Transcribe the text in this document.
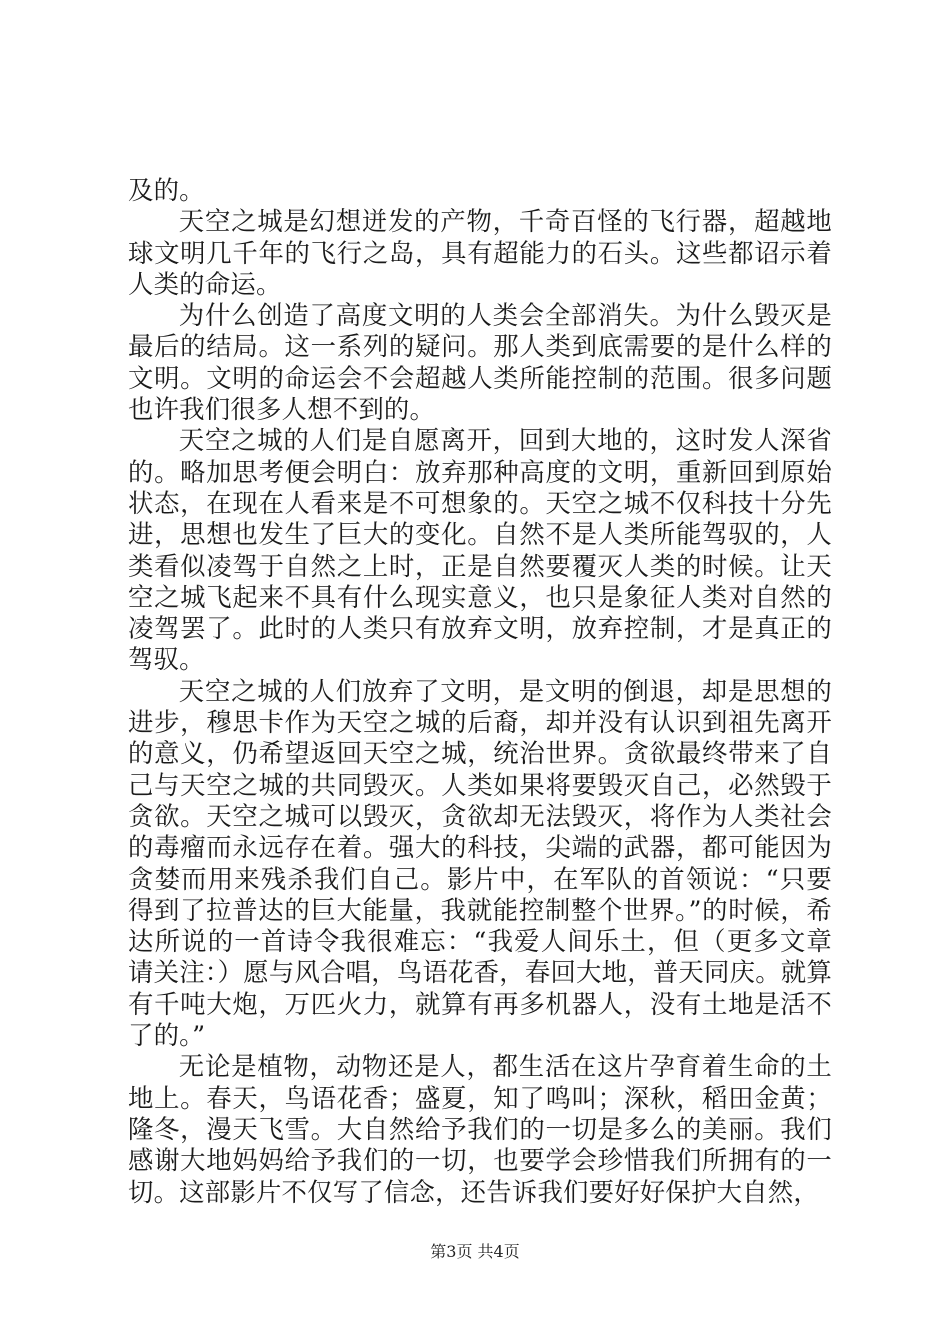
及的。

天空之城是幻想迸发的产物，千奇百怪的飞行器，超越地球文明几千年的飞行之岛，具有超能力的石头。这些都诏示着人类的命运。

为什么创造了高度文明的人类会全部消失。为什么毁灭是最后的结局。这一系列的疑问。那人类到底需要的是什么样的文明。文明的命运会不会超越人类所能控制的范围。很多问题也许我们很多人想不到的。

天空之城的人们是自愿离开，回到大地的，这时发人深省的。略加思考便会明白：放弃那种高度的文明，重新回到原始状态，在现在人看来是不可想象的。天空之城不仅科技十分先进，思想也发生了巨大的变化。自然不是人类所能驾驭的，人类看似凌驾于自然之上时，正是自然要覆灭人类的时候。让天空之城飞起来不具有什么现实意义，也只是象征人类对自然的凌驾罢了。此时的人类只有放弃文明，放弃控制，才是真正的驾驭。

天空之城的人们放弃了文明，是文明的倒退，却是思想的进步，穆思卡作为天空之城的后裔，却并没有认识到祖先离开的意义，仍希望返回天空之城，统治世界。贪欲最终带来了自己与天空之城的共同毁灭。人类如果将要毁灭自己，必然毁于贪欲。天空之城可以毁灭，贪欲却无法毁灭，将作为人类社会的毒瘤而永远存在着。强大的科技，尖端的武器，都可能因为贪婪而用来残杀我们自己。影片中，在军队的首领说：“只要得到了拉普达的巨大能量，我就能控制整个世界。”的时候，希达所说的一首诗令我很难忘：“我爱人间乐土，但（更多文章请关注：）愿与风合唱，鸟语花香，春回大地，普天同庆。就算有千吨大炮，万匹火力，就算有再多机器人，没有土地是活不了的。”

无论是植物，动物还是人，都生活在这片孕育着生命的土地上。春天，鸟语花香；盛夏，知了鸣叫；深秋，稻田金黄；隆冬，漫天飞雪。大自然给予我们的一切是多么的美丽。我们感谢大地妈妈给予我们的一切，也要学会珍惜我们所拥有的一切。这部影片不仅写了信念，还告诉我们要好好保护大自然，

第3页 共4页
